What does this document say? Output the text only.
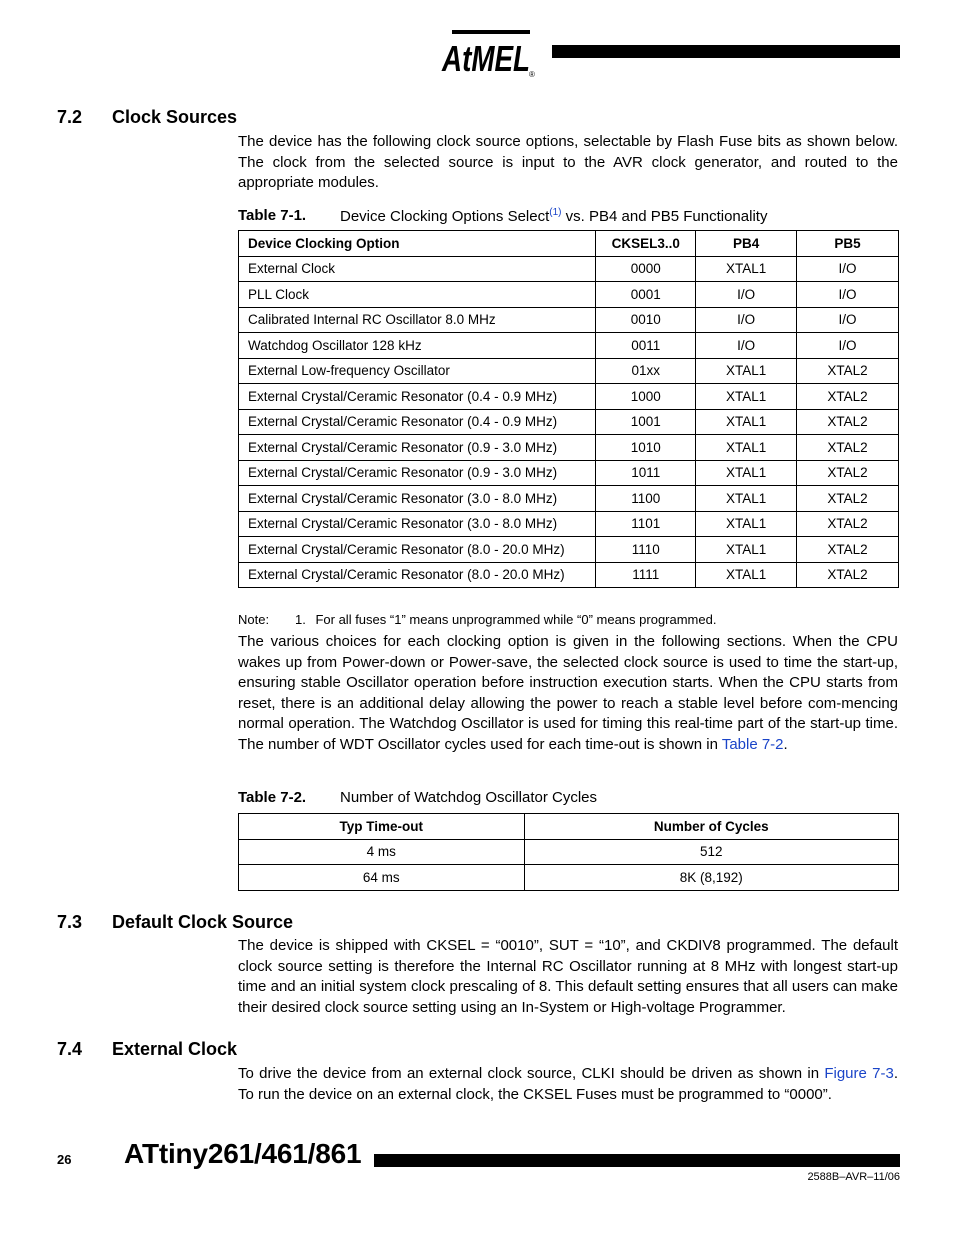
AtMEL ®
7.2 Clock Sources
The device has the following clock source options, selectable by Flash Fuse bits as shown below. The clock from the selected source is input to the AVR clock generator, and routed to the appropriate modules.
Table 7-1. Device Clocking Options Select$^{(1)}$ vs. PB4 and PB5 Functionality
Device Clocking Option	CKSEL3..0	PB4	PB5
External Clock	0000	XTAL1	I/O
PLL Clock	0001	I/O	I/O
Calibrated Internal RC Oscillator 8.0 MHz	0010	I/O	I/O
Watchdog Oscillator 128 kHz	0011	I/O	I/O
External Low-frequency Oscillator	01xx	XTAL1	XTAL2
External Crystal/Ceramic Resonator (0.4 - 0.9 MHz)	1000	XTAL1	XTAL2
External Crystal/Ceramic Resonator (0.4 - 0.9 MHz)	1001	XTAL1	XTAL2
External Crystal/Ceramic Resonator (0.9 - 3.0 MHz)	1010	XTAL1	XTAL2
External Crystal/Ceramic Resonator (0.9 - 3.0 MHz)	1011	XTAL1	XTAL2
External Crystal/Ceramic Resonator (3.0 - 8.0 MHz)	1100	XTAL1	XTAL2
External Crystal/Ceramic Resonator (3.0 - 8.0 MHz)	1101	XTAL1	XTAL2
External Crystal/Ceramic Resonator (8.0 - 20.0 MHz)	1110	XTAL1	XTAL2
External Crystal/Ceramic Resonator (8.0 - 20.0 MHz)	1111	XTAL1	XTAL2
Note: 1. For all fuses “1” means unprogrammed while “0” means programmed.
The various choices for each clocking option is given in the following sections. When the CPU wakes up from Power-down or Power-save, the selected clock source is used to time the start-up, ensuring stable Oscillator operation before instruction execution starts. When the CPU starts from reset, there is an additional delay allowing the power to reach a stable level before com-mencing normal operation. The Watchdog Oscillator is used for timing this real-time part of the start-up time. The number of WDT Oscillator cycles used for each time-out is shown in Table 7-2.
Table 7-2. Number of Watchdog Oscillator Cycles
Typ Time-out	Number of Cycles
4 ms	512
64 ms	8K (8,192)
7.3 Default Clock Source
The device is shipped with CKSEL = “0010”, SUT = “10”, and CKDIV8 programmed. The default clock source setting is therefore the Internal RC Oscillator running at 8 MHz with longest start-up time and an initial system clock prescaling of 8. This default setting ensures that all users can make their desired clock source setting using an In-System or High-voltage Programmer.
7.4 External Clock
To drive the device from an external clock source, CLKI should be driven as shown in Figure 7-3. To run the device on an external clock, the CKSEL Fuses must be programmed to “0000”.
26 ATtiny261/461/861
2588B–AVR–11/06
